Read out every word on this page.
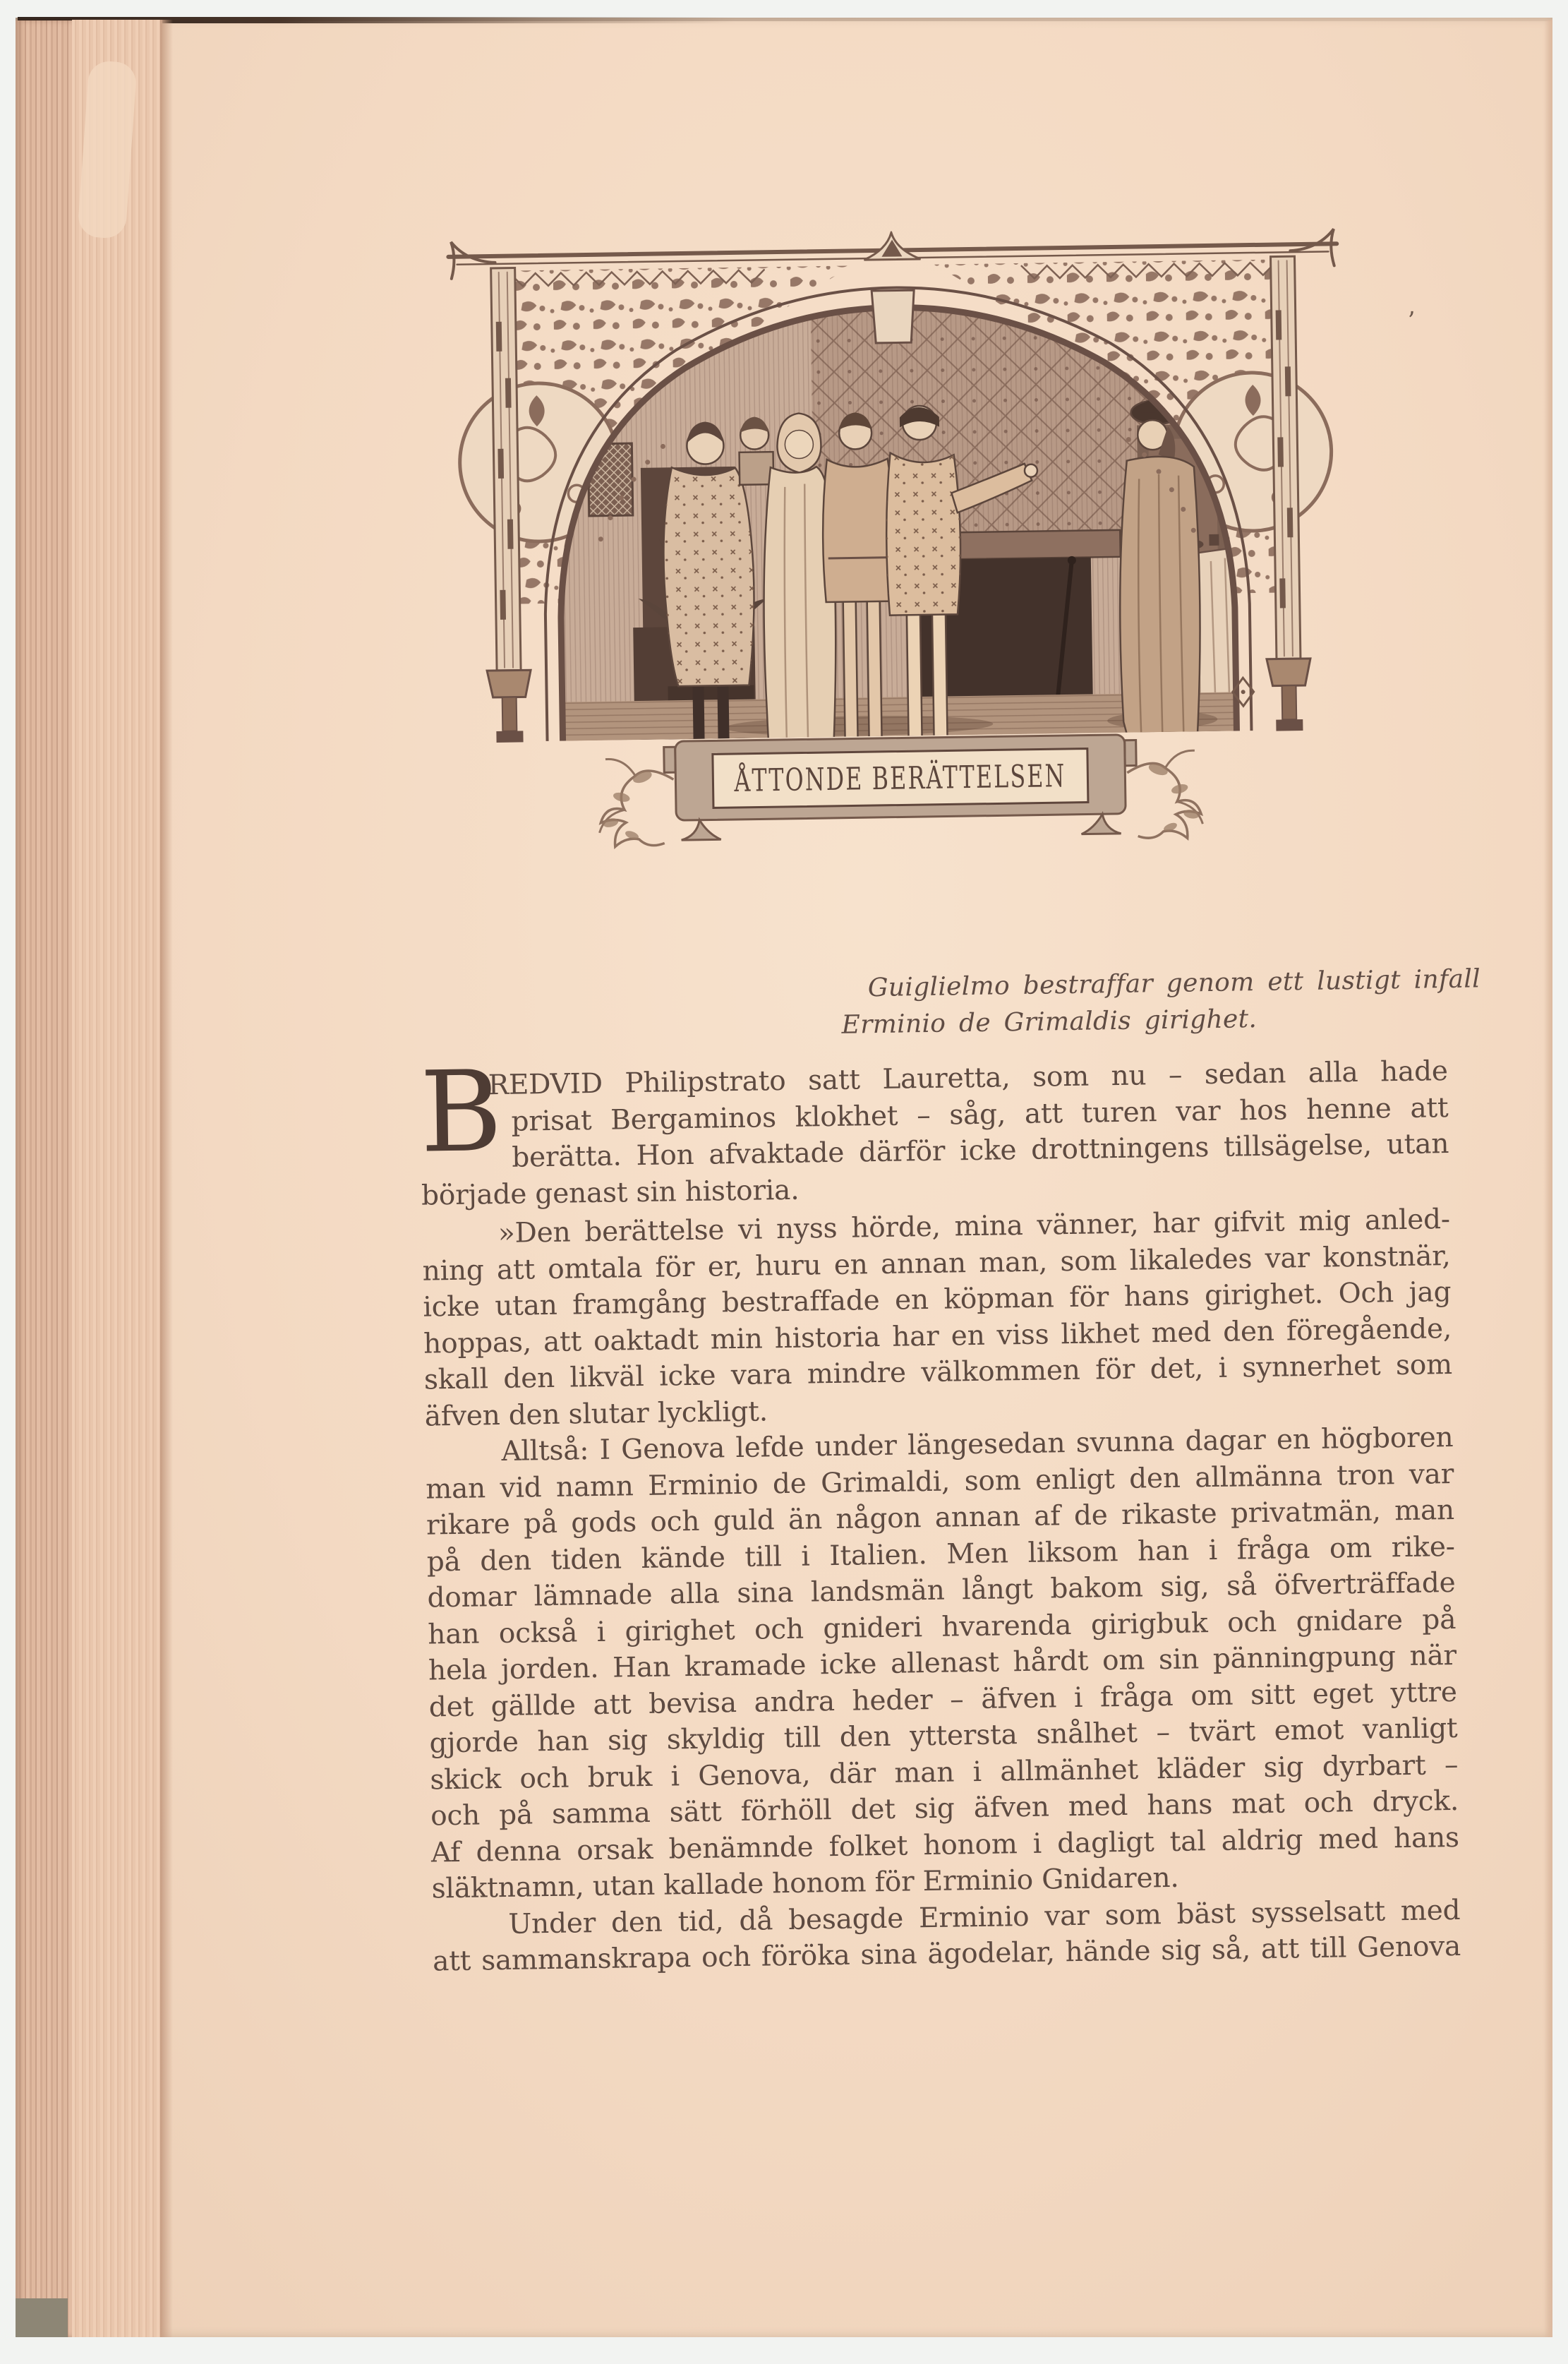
ÅTTONDE BERÄTTELSEN
Guiglielmo bestraffar genom ett lustigt infall
Erminio de Grimaldis girighet.
B
REDVID Philipstrato satt Lauretta, som nu – sedan alla hade
prisat Bergaminos klokhet – såg, att turen var hos henne att
berätta. Hon afvaktade därför icke drottningens tillsägelse, utan
började genast sin historia.
»Den berättelse vi nyss hörde, mina vänner, har gifvit mig anled-
ning att omtala för er, huru en annan man, som likaledes var konstnär,
icke utan framgång bestraffade en köpman för hans girighet. Och jag
hoppas, att oaktadt min historia har en viss likhet med den föregående,
skall den likväl icke vara mindre välkommen för det, i synnerhet som
äfven den slutar lyckligt.
Alltså: I Genova lefde under längesedan svunna dagar en högboren
man vid namn Erminio de Grimaldi, som enligt den allmänna tron var
rikare på gods och guld än någon annan af de rikaste privatmän, man
på den tiden kände till i Italien. Men liksom han i fråga om rike-
domar lämnade alla sina landsmän långt bakom sig, så öfverträffade
han också i girighet och gnideri hvarenda girigbuk och gnidare på
hela jorden. Han kramade icke allenast hårdt om sin pänningpung när
det gällde att bevisa andra heder – äfven i fråga om sitt eget yttre
gjorde han sig skyldig till den yttersta snålhet – tvärt emot vanligt
skick och bruk i Genova, där man i allmänhet kläder sig dyrbart –
och på samma sätt förhöll det sig äfven med hans mat och dryck.
Af denna orsak benämnde folket honom i dagligt tal aldrig med hans
släktnamn, utan kallade honom för Erminio Gnidaren.
Under den tid, då besagde Erminio var som bäst sysselsatt med
att sammanskrapa och föröka sina ägodelar, hände sig så, att till Genova
’
